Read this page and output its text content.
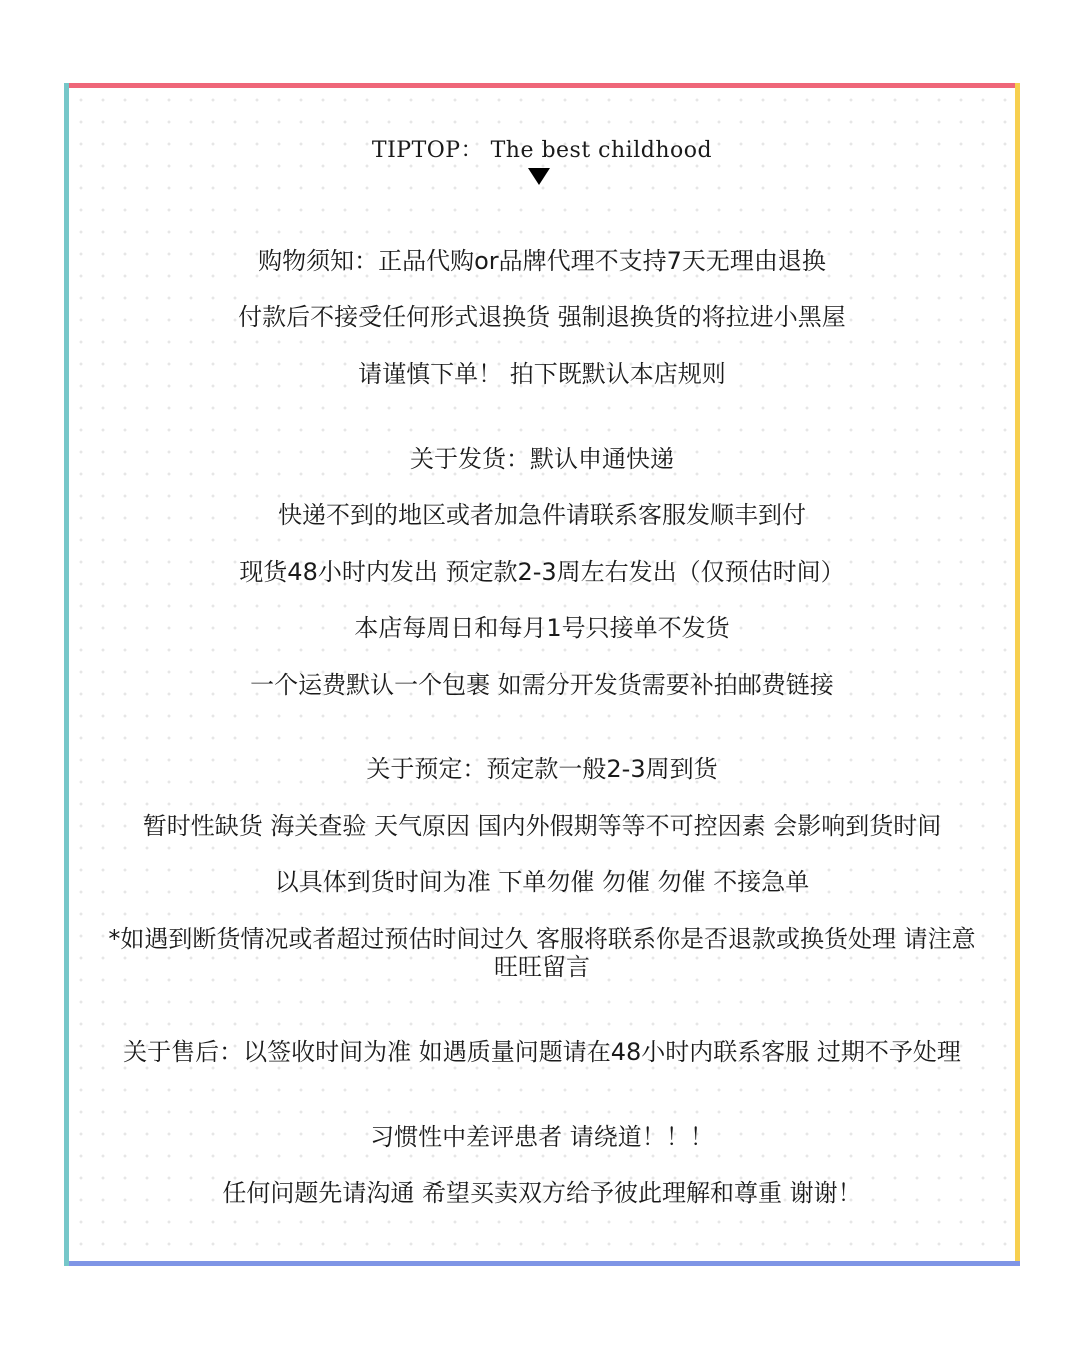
TIPTOP： The best childhood
购物须知：正品代购or品牌代理不支持7天无理由退换
付款后不接受任何形式退换货 强制退换货的将拉进小黑屋
请谨慎下单！ 拍下既默认本店规则
关于发货：默认申通快递
快递不到的地区或者加急件请联系客服发顺丰到付
现货48小时内发出 预定款2-3周左右发出（仅预估时间）
本店每周日和每月1号只接单不发货
一个运费默认一个包裹 如需分开发货需要补拍邮费链接
关于预定：预定款一般2-3周到货
暂时性缺货 海关查验 天气原因 国内外假期等等不可控因素 会影响到货时间
以具体到货时间为准 下单勿催 勿催 勿催 不接急单
*如遇到断货情况或者超过预估时间过久 客服将联系你是否退款或换货处理 请注意旺旺留言
关于售后：以签收时间为准 如遇质量问题请在48小时内联系客服 过期不予处理
习惯性中差评患者 请绕道！！！
任何问题先请沟通 希望买卖双方给予彼此理解和尊重 谢谢！
